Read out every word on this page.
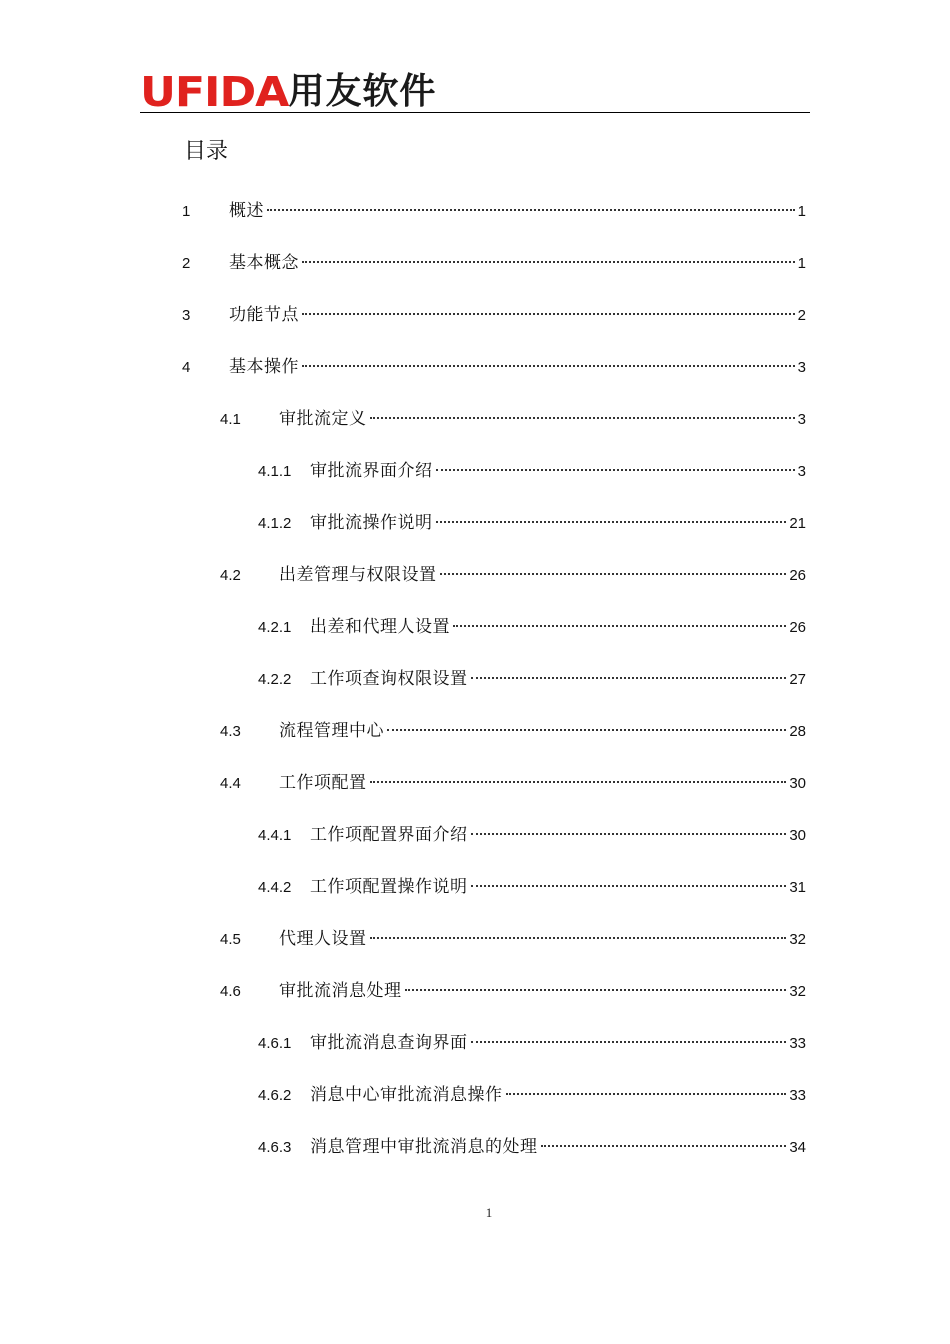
UFIDA 用友软件
目录
1	概述	1
2	基本概念	1
3	功能节点	2
4	基本操作	3
4.1	审批流定义	3
4.1.1	审批流界面介绍	3
4.1.2	审批流操作说明	21
4.2	出差管理与权限设置	26
4.2.1	出差和代理人设置	26
4.2.2	工作项查询权限设置	27
4.3	流程管理中心	28
4.4	工作项配置	30
4.4.1	工作项配置界面介绍	30
4.4.2	工作项配置操作说明	31
4.5	代理人设置	32
4.6	审批流消息处理	32
4.6.1	审批流消息查询界面	33
4.6.2	消息中心审批流消息操作	33
4.6.3	消息管理中审批流消息的处理	34
1
